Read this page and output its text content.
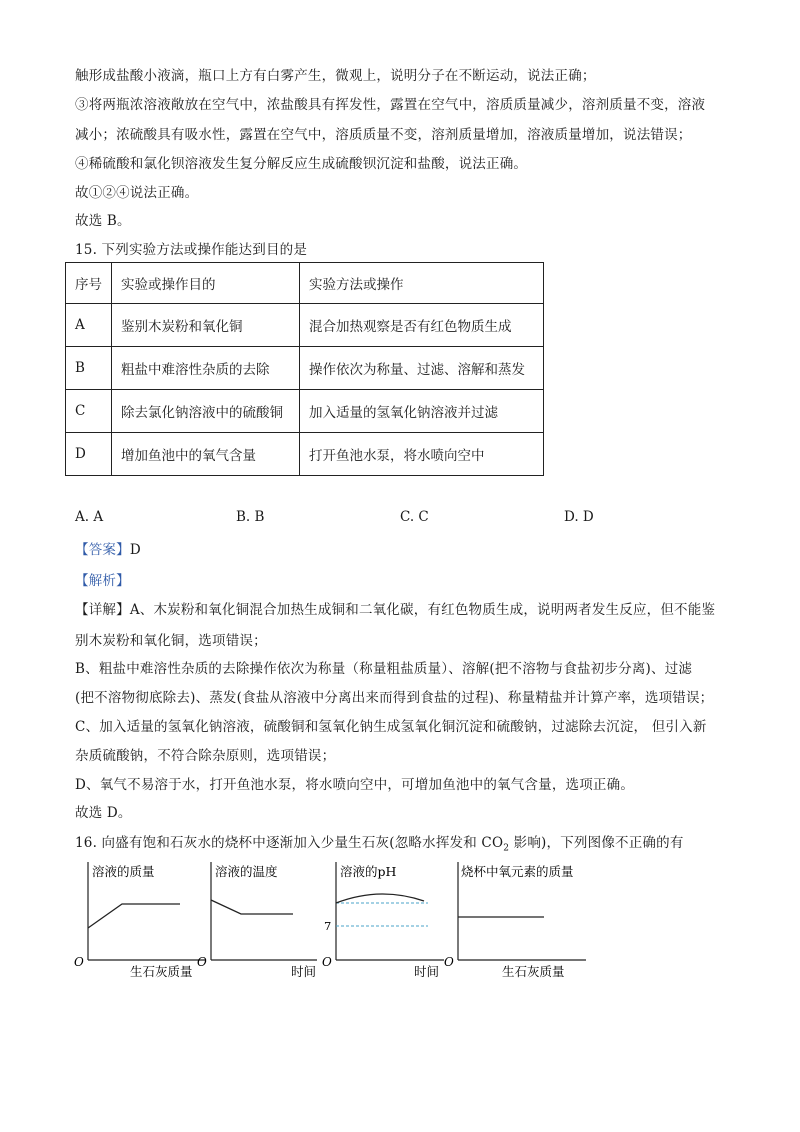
触形成盐酸小液滴，瓶口上方有白雾产生，微观上，说明分子在不断运动，说法正确；
③将两瓶浓溶液敞放在空气中，浓盐酸具有挥发性，露置在空气中，溶质质量减少，溶剂质量不变，溶液
减小；浓硫酸具有吸水性，露置在空气中，溶质质量不变，溶剂质量增加，溶液质量增加，说法错误；
④稀硫酸和氯化钡溶液发生复分解反应生成硫酸钡沉淀和盐酸，说法正确。
故①②④说法正确。
故选 B。
15. 下列实验方法或操作能达到目的是
序号	实验或操作目的	实验方法或操作
A	鉴别木炭粉和氧化铜	混合加热观察是否有红色物质生成
B	粗盐中难溶性杂质的去除	操作依次为称量、过滤、溶解和蒸发
C	除去氯化钠溶液中的硫酸铜	加入适量的氢氧化钠溶液并过滤
D	增加鱼池中的氧气含量	打开鱼池水泵，将水喷向空中
A. A	B. B	C. C	D. D
【答案】D
【解析】
【详解】A、木炭粉和氧化铜混合加热生成铜和二氧化碳，有红色物质生成，说明两者发生反应，但不能鉴
别木炭粉和氧化铜，选项错误；
B、粗盐中难溶性杂质的去除操作依次为称量（称量粗盐质量）、溶解(把不溶物与食盐初步分离)、过滤
(把不溶物彻底除去)、蒸发(食盐从溶液中分离出来而得到食盐的过程)、称量精盐并计算产率，选项错误；
C、加入适量的氢氧化钠溶液，硫酸铜和氢氧化钠生成氢氧化铜沉淀和硫酸钠，过滤除去沉淀， 但引入新
杂质硫酸钠，不符合除杂原则，选项错误；
D、氧气不易溶于水，打开鱼池水泵，将水喷向空中，可增加鱼池中的氧气含量，选项正确。
故选 D。
16. 向盛有饱和石灰水的烧杯中逐渐加入少量生石灰(忽略水挥发和 $CO_2$ 影响)，下列图像不正确的有
溶液的质量
O
生石灰质量
溶液的温度
O
时间
溶液的pH
7
O
时间
烧杯中氧元素的质量
O
生石灰质量
